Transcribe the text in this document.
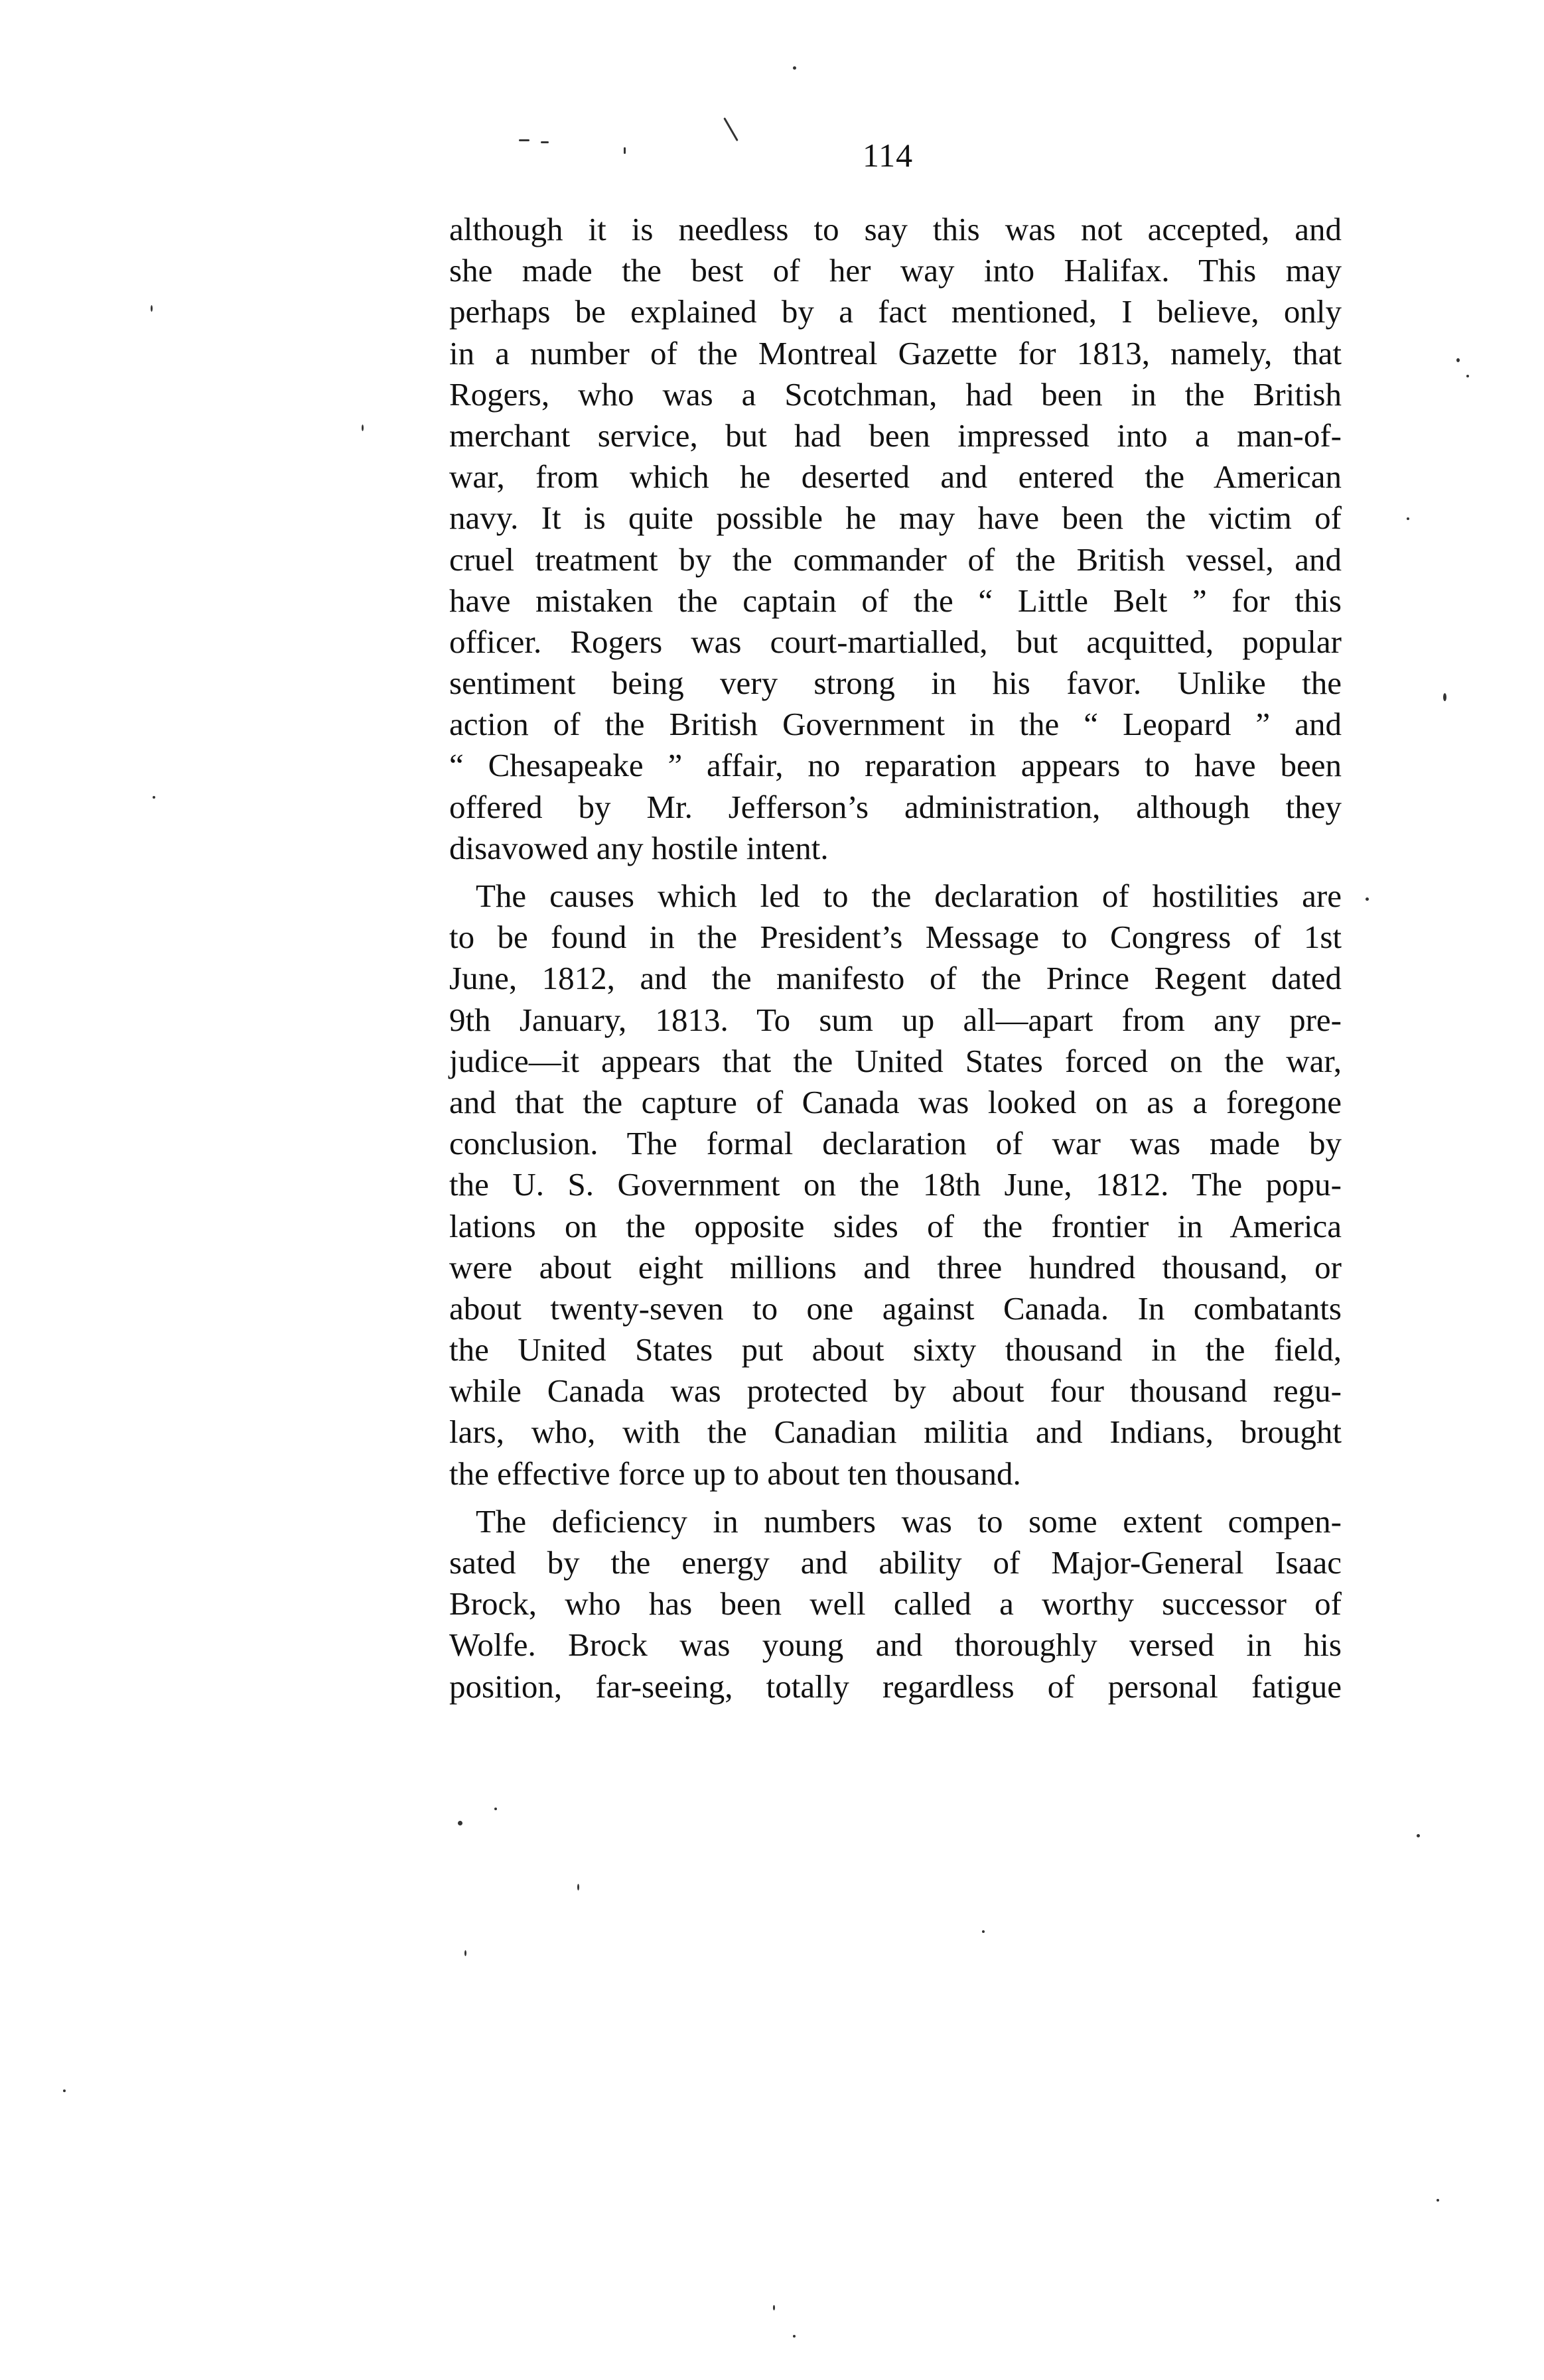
114
although it is needless to say this was not accepted, and
she made the best of her way into Halifax. This may
perhaps be explained by a fact mentioned, I believe, only
in a number of the Montreal Gazette for 1813, namely, that
Rogers, who was a Scotchman, had been in the British
merchant service, but had been impressed into a man-of-
war, from which he deserted and entered the American
navy. It is quite possible he may have been the victim of
cruel treatment by the commander of the British vessel, and
have mistaken the captain of the “ Little Belt ” for this
officer. Rogers was court-martialled, but acquitted, popular
sentiment being very strong in his favor. Unlike the
action of the British Government in the “ Leopard ” and
“ Chesapeake ” affair, no reparation appears to have been
offered by Mr. Jefferson’s administration, although they
disavowed any hostile intent.
The causes which led to the declaration of hostilities are
to be found in the President’s Message to Congress of 1st
June, 1812, and the manifesto of the Prince Regent dated
9th January, 1813. To sum up all—apart from any pre-
judice—it appears that the United States forced on the war,
and that the capture of Canada was looked on as a foregone
conclusion. The formal declaration of war was made by
the U. S. Government on the 18th June, 1812. The popu-
lations on the opposite sides of the frontier in America
were about eight millions and three hundred thousand, or
about twenty-seven to one against Canada. In combatants
the United States put about sixty thousand in the field,
while Canada was protected by about four thousand regu-
lars, who, with the Canadian militia and Indians, brought
the effective force up to about ten thousand.
The deficiency in numbers was to some extent compen-
sated by the energy and ability of Major-General Isaac
Brock, who has been well called a worthy successor of
Wolfe. Brock was young and thoroughly versed in his
position, far-seeing, totally regardless of personal fatigue
